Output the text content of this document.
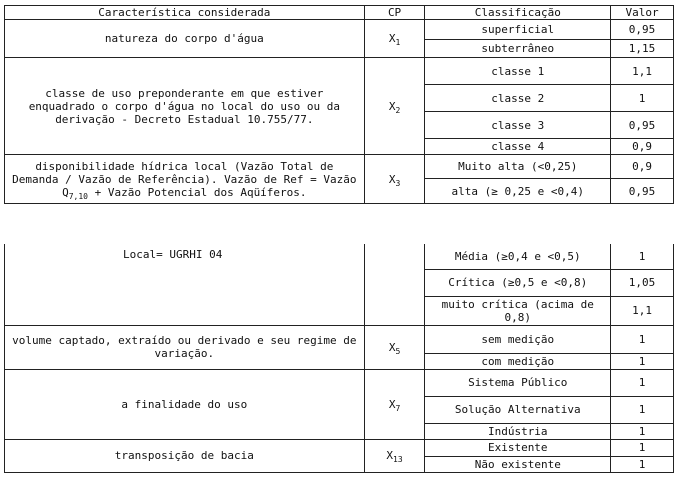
Característica considerada	CP	Classificação	Valor
natureza do corpo d'água	$X_1$	superficial	0,95
		subterrâneo	1,15
classe de uso preponderante em que estiver enquadrado o corpo d'água no local do uso ou da derivação - Decreto Estadual 10.755/77.	$X_2$	classe 1	1,1
		classe 2	1
		classe 3	0,95
		classe 4	0,9
disponibilidade hídrica local (Vazão Total de Demanda / Vazão de Referência). Vazão de Ref = Vazão $Q_{7,10}$ + Vazão Potencial dos Aqüíferos.	$X_3$	Muito alta (<0,25)	0,9
		alta (≥ 0,25 e <0,4)	0,95
Local= UGRHI 04		Média (≥0,4 e <0,5)	1
		Crítica (≥0,5 e <0,8)	1,05
		muito crítica (acima de 0,8)	1,1
volume captado, extraído ou derivado e seu regime de variação.	$X_5$	sem medição	1
		com medição	1
a finalidade do uso	$X_7$	Sistema Público	1
		Solução Alternativa	1
		Indústria	1
transposição de bacia	$X_{13}$	Existente	1
		Não existente	1
